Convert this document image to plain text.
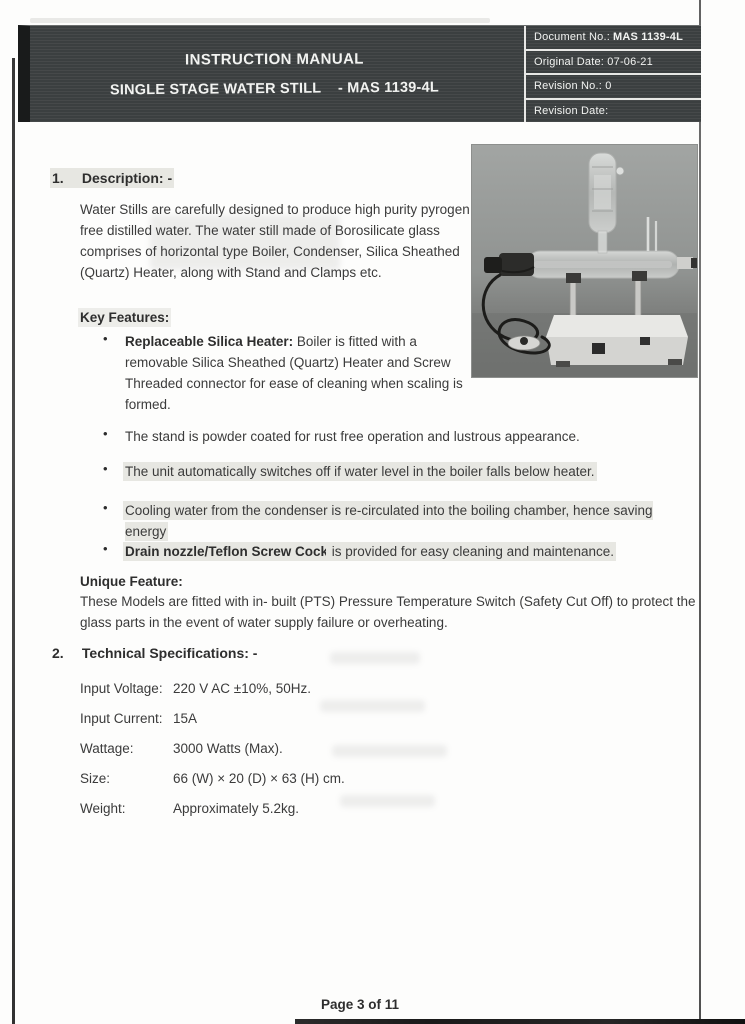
INSTRUCTION MANUAL
SINGLE STAGE WATER STILL    - MAS 1139-4L
Document No.: MAS 1139-4L
Original Date: 07-06-21
Revision No.: 0
Revision Date:
1. Description: -
Water Stills are carefully designed to produce high purity pyrogen free distilled water. The water still made of Borosilicate glass comprises of horizontal type Boiler, Condenser, Silica Sheathed (Quartz) Heater, along with Stand and Clamps etc.
Key Features:
•	Replaceable Silica Heater: Boiler is fitted with a removable Silica Sheathed (Quartz) Heater and Screw Threaded connector for ease of cleaning when scaling is formed.
•	The stand is powder coated for rust free operation and lustrous appearance.
•	The unit automatically switches off if water level in the boiler falls below heater.
•	Cooling water from the condenser is re-circulated into the boiling chamber, hence saving energy
•	Drain nozzle/Teflon Screw Cock is provided for easy cleaning and maintenance.
Unique Feature:
These Models are fitted with in- built (PTS) Pressure Temperature Switch (Safety Cut Off) to protect the glass parts in the event of water supply failure or overheating.
2. Technical Specifications: -
Input Voltage: 220 V AC ±10%, 50Hz.
Input Current: 15A
Wattage:	3000 Watts (Max).
Size:	66 (W) × 20 (D) × 63 (H) cm.
Weight:	Approximately 5.2kg.
Page 3 of 11
